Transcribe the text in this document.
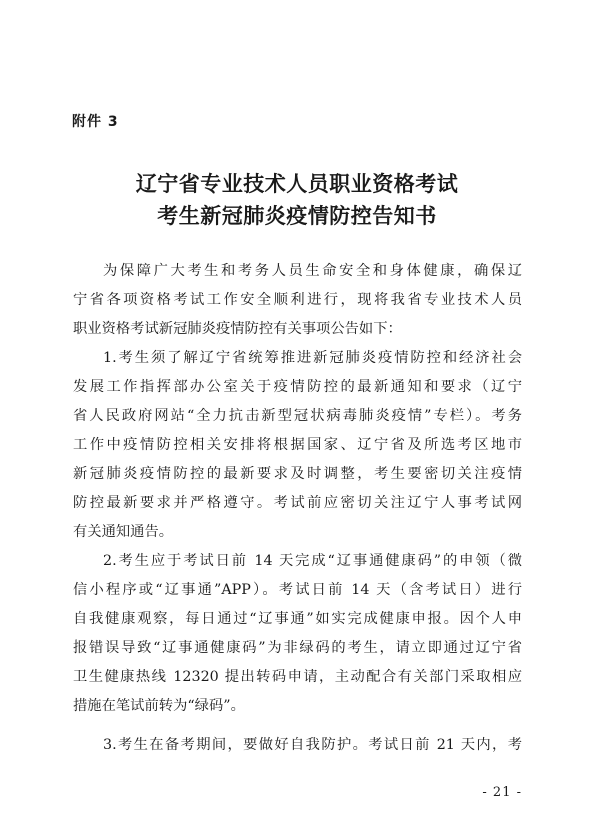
附件 3
辽宁省专业技术人员职业资格考试
考生新冠肺炎疫情防控告知书
为保障广大考生和考务人员生命安全和身体健康，确保辽
宁省各项资格考试工作安全顺利进行，现将我省专业技术人员
职业资格考试新冠肺炎疫情防控有关事项公告如下：
1.考生须了解辽宁省统筹推进新冠肺炎疫情防控和经济社会
发展工作指挥部办公室关于疫情防控的最新通知和要求（辽宁
省人民政府网站“全力抗击新型冠状病毒肺炎疫情”专栏）。考务
工作中疫情防控相关安排将根据国家、辽宁省及所选考区地市
新冠肺炎疫情防控的最新要求及时调整，考生要密切关注疫情
防控最新要求并严格遵守。考试前应密切关注辽宁人事考试网
有关通知通告。
2.考生应于考试日前 14 天完成“辽事通健康码”的申领（微
信小程序或“辽事通”APP）。考试日前 14 天（含考试日）进行
自我健康观察，每日通过“辽事通”如实完成健康申报。因个人申
报错误导致“辽事通健康码”为非绿码的考生，请立即通过辽宁省
卫生健康热线 12320 提出转码申请，主动配合有关部门采取相应
措施在笔试前转为“绿码”。
3.考生在备考期间，要做好自我防护。考试日前 21 天内，考
- 21 -
